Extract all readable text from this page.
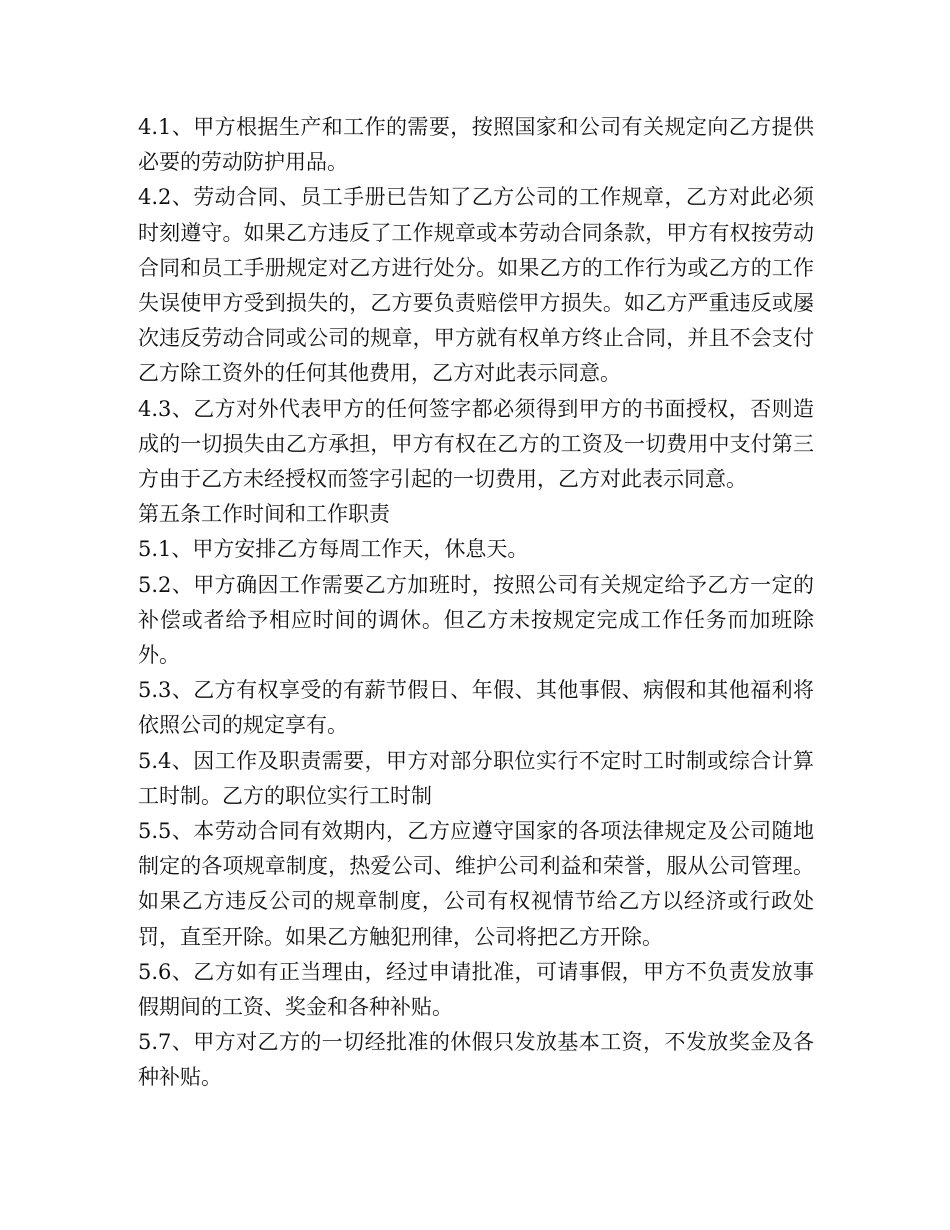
4.1、甲方根据生产和工作的需要，按照国家和公司有关规定向乙方提供必要的劳动防护用品。

4.2、劳动合同、员工手册已告知了乙方公司的工作规章，乙方对此必须时刻遵守。如果乙方违反了工作规章或本劳动合同条款，甲方有权按劳动合同和员工手册规定对乙方进行处分。如果乙方的工作行为或乙方的工作失误使甲方受到损失的，乙方要负责赔偿甲方损失。如乙方严重违反或屡次违反劳动合同或公司的规章，甲方就有权单方终止合同，并且不会支付乙方除工资外的任何其他费用，乙方对此表示同意。

4.3、乙方对外代表甲方的任何签字都必须得到甲方的书面授权，否则造成的一切损失由乙方承担，甲方有权在乙方的工资及一切费用中支付第三方由于乙方未经授权而签字引起的一切费用，乙方对此表示同意。

第五条工作时间和工作职责

5.1、甲方安排乙方每周工作天，休息天。

5.2、甲方确因工作需要乙方加班时，按照公司有关规定给予乙方一定的补偿或者给予相应时间的调休。但乙方未按规定完成工作任务而加班除外。

5.3、乙方有权享受的有薪节假日、年假、其他事假、病假和其他福利将依照公司的规定享有。

5.4、因工作及职责需要，甲方对部分职位实行不定时工时制或综合计算工时制。乙方的职位实行工时制

5.5、本劳动合同有效期内，乙方应遵守国家的各项法律规定及公司随地制定的各项规章制度，热爱公司、维护公司利益和荣誉，服从公司管理。如果乙方违反公司的规章制度，公司有权视情节给乙方以经济或行政处罚，直至开除。如果乙方触犯刑律，公司将把乙方开除。

5.6、乙方如有正当理由，经过申请批准，可请事假，甲方不负责发放事假期间的工资、奖金和各种补贴。

5.7、甲方对乙方的一切经批准的休假只发放基本工资，不发放奖金及各种补贴。
